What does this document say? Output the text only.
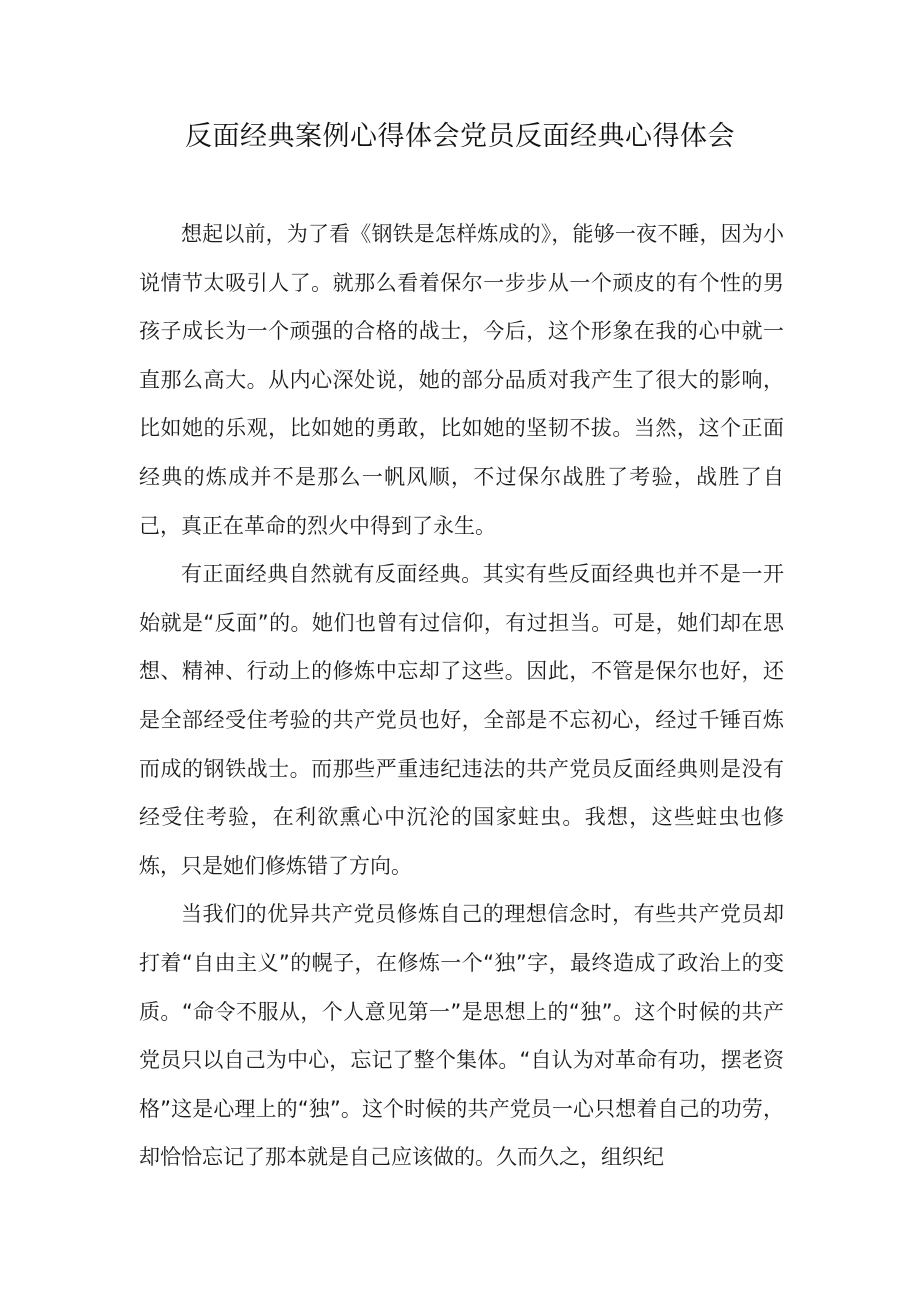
反面经典案例心得体会党员反面经典心得体会

想起以前，为了看《钢铁是怎样炼成的》，能够一夜不睡，因为小说情节太吸引人了。就那么看着保尔一步步从一个顽皮的有个性的男孩子成长为一个顽强的合格的战士，今后，这个形象在我的心中就一直那么高大。从内心深处说，她的部分品质对我产生了很大的影响，比如她的乐观，比如她的勇敢，比如她的坚韧不拔。当然，这个正面经典的炼成并不是那么一帆风顺，不过保尔战胜了考验，战胜了自己，真正在革命的烈火中得到了永生。

有正面经典自然就有反面经典。其实有些反面经典也并不是一开始就是“反面”的。她们也曾有过信仰，有过担当。可是，她们却在思想、精神、行动上的修炼中忘却了这些。因此，不管是保尔也好，还是全部经受住考验的共产党员也好，全部是不忘初心，经过千锤百炼而成的钢铁战士。而那些严重违纪违法的共产党员反面经典则是没有经受住考验，在利欲熏心中沉沦的国家蛀虫。我想，这些蛀虫也修炼，只是她们修炼错了方向。

当我们的优异共产党员修炼自己的理想信念时，有些共产党员却打着“自由主义”的幌子，在修炼一个“独”字，最终造成了政治上的变质。“命令不服从，个人意见第一”是思想上的“独”。这个时候的共产党员只以自己为中心，忘记了整个集体。“自认为对革命有功，摆老资格”这是心理上的“独”。这个时候的共产党员一心只想着自己的功劳，却恰恰忘记了那本就是自己应该做的。久而久之，组织纪
